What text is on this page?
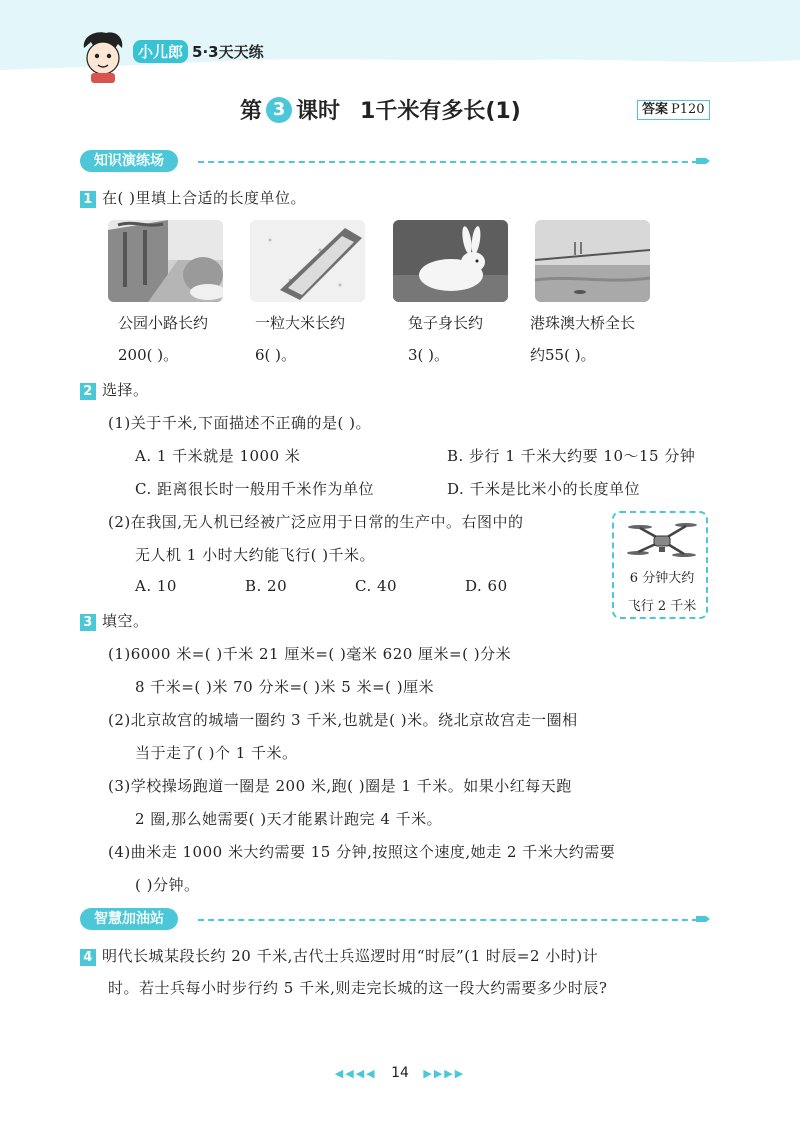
小儿郎 5·3天天练
第 3 课时 1千米有多长(1)	答案 P120
知识演练场
1 在( )里填上合适的长度单位。
公园小路长约
200( )。
一粒大米长约
6( )。
兔子身长约
3( )。
港珠澳大桥全长
约55( )。
2 选择。
(1)关于千米,下面描述不正确的是( )。
A. 1 千米就是 1000 米	B. 步行 1 千米大约要 10～15 分钟
C. 距离很长时一般用千米作为单位	D. 千米是比米小的长度单位
(2)在我国,无人机已经被广泛应用于日常的生产中。右图中的
无人机 1 小时大约能飞行( )千米。
A. 10	B. 20	C. 40	D. 60	6 分钟大约
飞行 2 千米
3 填空。
(1)6000 米=( )千米 21 厘米=( )毫米 620 厘米=( )分米
8 千米=( )米 70 分米=( )米 5 米=( )厘米
(2)北京故宫的城墙一圈约 3 千米,也就是( )米。绕北京故宫走一圈相
当于走了( )个 1 千米。
(3)学校操场跑道一圈是 200 米,跑( )圈是 1 千米。如果小红每天跑
2 圈,那么她需要( )天才能累计跑完 4 千米。
(4)曲米走 1000 米大约需要 15 分钟,按照这个速度,她走 2 千米大约需要
( )分钟。
智慧加油站
4 明代长城某段长约 20 千米,古代士兵巡逻时用“时辰”(1 时辰=2 小时)计
时。若士兵每小时步行约 5 千米,则走完长城的这一段大约需要多少时辰?
◀◀◀◀ 14 ▶▶▶▶
